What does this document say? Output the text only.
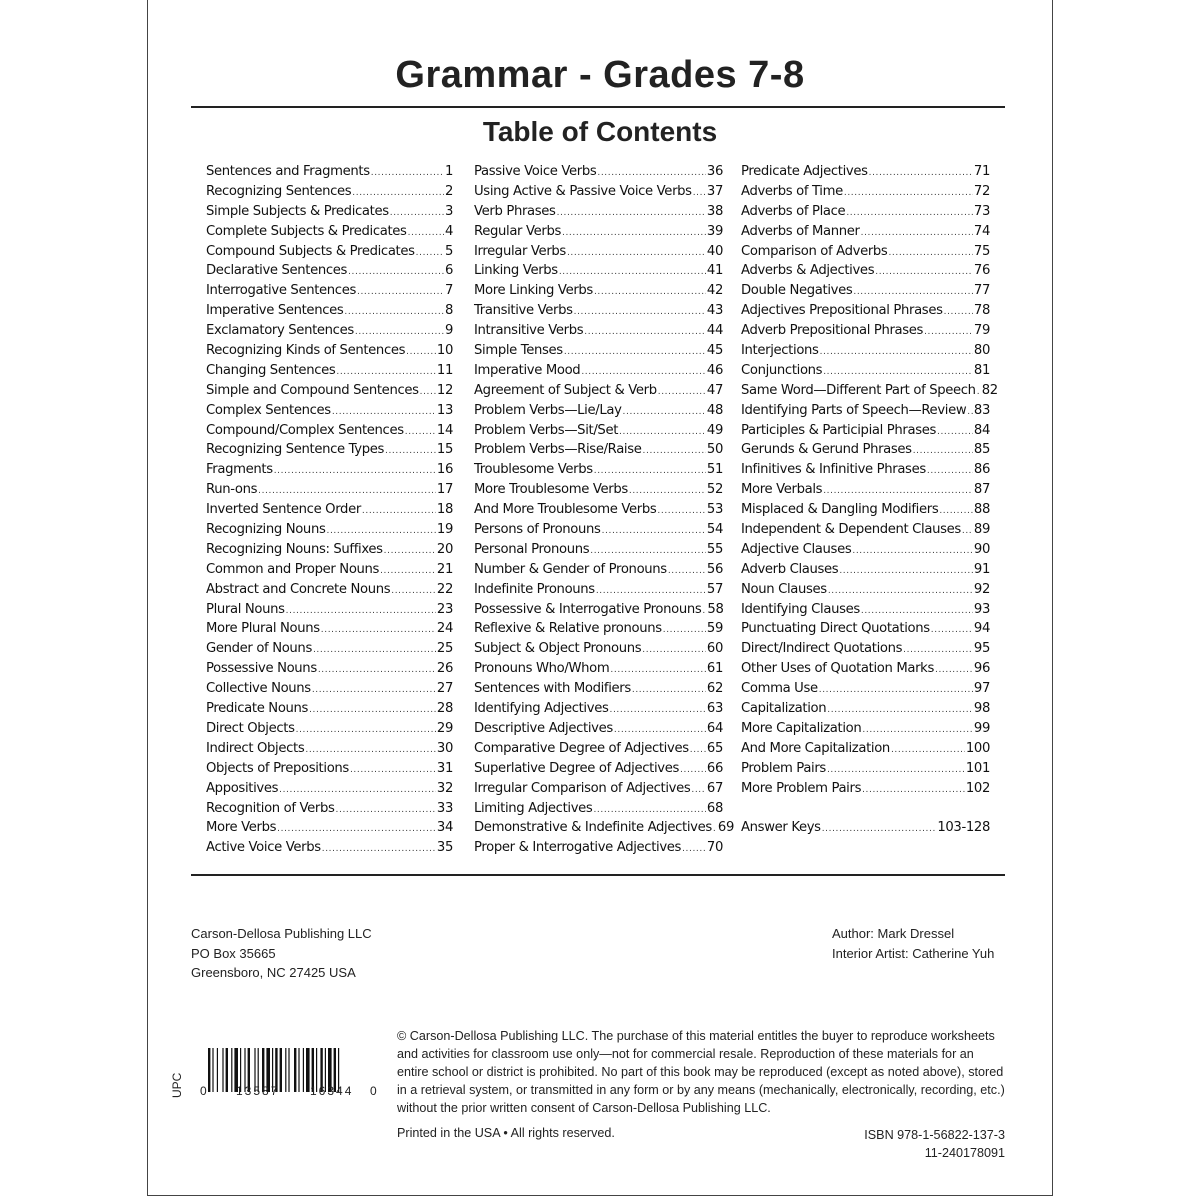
Grammar - Grades 7-8
Table of Contents
Sentences and Fragments .....	1
Recognizing Sentences .....	2
Simple Subjects & Predicates .....	3
Complete Subjects & Predicates .....	4
Compound Subjects & Predicates ..... 5
Declarative Sentences .....	6
Interrogative Sentences .....	7
Imperative Sentences .....	8
Exclamatory Sentences .....	9
Recognizing Kinds of Sentences ..... 10
Changing Sentences .....	11
Simple and Compound Sentences ..... 12
Complex Sentences .....	13
Compound/Complex Sentences .....	14
Recognizing Sentence Types .....	15
Fragments .....	16
Run-ons .....	17
Inverted Sentence Order .....	18
Recognizing Nouns .....	19
Recognizing Nouns: Suffixes .....	20
Common and Proper Nouns .....	21
Abstract and Concrete Nouns .....	22
Plural Nouns .....	23
More Plural Nouns .....	24
Gender of Nouns .....	25
Possessive Nouns .....	26
Collective Nouns .....	27
Predicate Nouns .....	28
Direct Objects .....	29
Indirect Objects .....	30
Objects of Prepositions .....	31
Appositives .....	32
Recognition of Verbs .....	33
More Verbs .....	34
Active Voice Verbs .....	35
Passive Voice Verbs .....	36
Using Active & Passive Voice Verbs ..... 37
Verb Phrases .....	38
Regular Verbs .....	39
Irregular Verbs .....	40
Linking Verbs .....	41
More Linking Verbs .....	42
Transitive Verbs .....	43
Intransitive Verbs .....	44
Simple Tenses .....	45
Imperative Mood .....	46
Agreement of Subject & Verb .....	47
Problem Verbs—Lie/Lay .....	48
Problem Verbs—Sit/Set .....	49
Problem Verbs—Rise/Raise .....	50
Troublesome Verbs .....	51
More Troublesome Verbs .....	52
And More Troublesome Verbs .....	53
Persons of Pronouns .....	54
Personal Pronouns .....	55
Number & Gender of Pronouns .....	56
Indefinite Pronouns .....	57
Possessive & Interrogative Pronouns ..... 58
Reflexive & Relative pronouns .....	59
Subject & Object Pronouns .....	60
Pronouns Who/Whom .....	61
Sentences with Modifiers .....	62
Identifying Adjectives .....	63
Descriptive Adjectives .....	64
Comparative Degree of Adjectives ..... 65
Superlative Degree of Adjectives ..... 66
Irregular Comparison of Adjectives ..... 67
Limiting Adjectives .....	68
Demonstrative & Indefinite Adjectives ..... 69
Proper & Interrogative Adjectives ..... 70
Predicate Adjectives .....	71
Adverbs of Time .....	72
Adverbs of Place .....	73
Adverbs of Manner .....	74
Comparison of Adverbs .....	75
Adverbs & Adjectives .....	76
Double Negatives .....	77
Adjectives Prepositional Phrases ..... 78
Adverb Prepositional Phrases .....	79
Interjections .....	80
Conjunctions .....	81
Same Word—Different Part of Speech ..... 82
Identifying Parts of Speech—Review ..... 83
Participles & Participial Phrases .....	84
Gerunds & Gerund Phrases .....	85
Infinitives & Infinitive Phrases .....	86
More Verbals .....	87
Misplaced & Dangling Modifiers .....	88
Independent & Dependent Clauses ..... 89
Adjective Clauses .....	90
Adverb Clauses .....	91
Noun Clauses .....	92
Identifying Clauses .....	93
Punctuating Direct Quotations .....	94
Direct/Indirect Quotations .....	95
Other Uses of Quotation Marks .....	96
Comma Use .....	97
Capitalization .....	98
More Capitalization .....	99
And More Capitalization .....	100
Problem Pairs .....	101
More Problem Pairs .....	102
Answer Keys .....	103-128
Carson-Dellosa Publishing LLC
PO Box 35665
Greensboro, NC 27425 USA
Author: Mark Dressel
Interior Artist: Catherine Yuh
UPC 0 13587	16344 0
© Carson-Dellosa Publishing LLC. The purchase of this material entitles the buyer to reproduce worksheets and activities for classroom use only—not for commercial resale. Reproduction of these materials for an entire school or district is prohibited. No part of this book may be reproduced (except as noted above), stored in a retrieval system, or transmitted in any form or by any means (mechanically, electronically, recording, etc.) without the prior written consent of Carson-Dellosa Publishing LLC.
Printed in the USA • All rights reserved.	ISBN 978-1-56822-137-3
11-240178091
